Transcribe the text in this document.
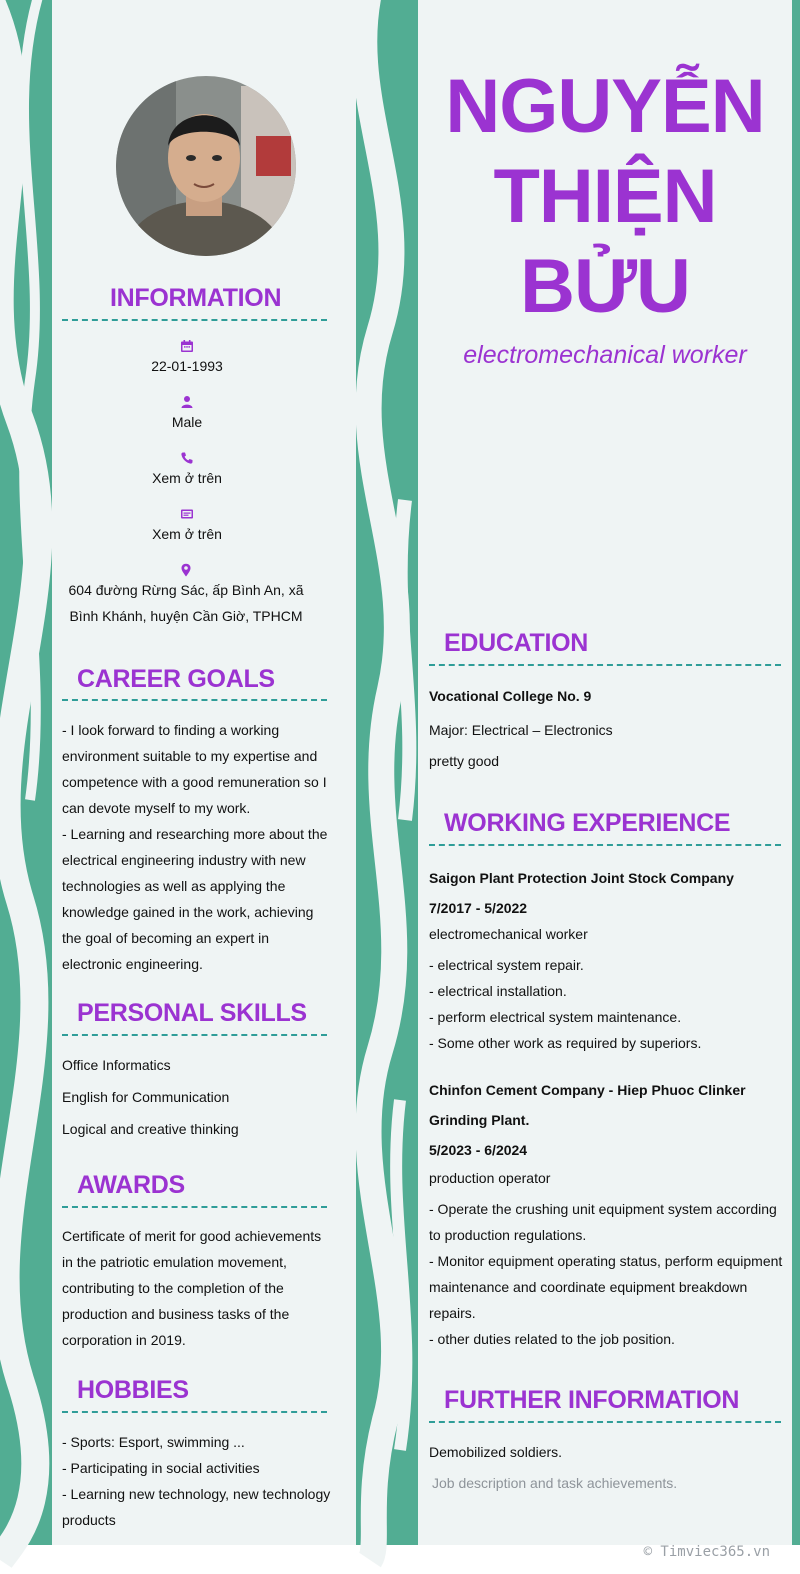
INFORMATION
22-01-1993
Male
Xem ở trên
Xem ở trên
604 đường Rừng Sác, ấp Bình An, xã Bình Khánh, huyện Cần Giờ, TPHCM
CAREER GOALS

- I look forward to finding a working environment suitable to my expertise and competence with a good remuneration so I can devote myself to my work.
- Learning and researching more about the electrical engineering industry with new technologies as well as applying the knowledge gained in the work, achieving the goal of becoming an expert in electronic engineering.

PERSONAL SKILLS
Office Informatics
English for Communication
Logical and creative thinking
AWARDS

Certificate of merit for good achievements in the patriotic emulation movement, contributing to the completion of the production and business tasks of the corporation in 2019.

HOBBIES

- Sports: Esport, swimming ...
- Participating in social activities
- Learning new technology, new technology products

NGUYỄN
THIỆN
BỬU
electromechanical worker
EDUCATION
Vocational College No. 9
Major: Electrical – Electronics
pretty good
WORKING EXPERIENCE
Saigon Plant Protection Joint Stock Company
7/2017 - 5/2022
electromechanical worker

- electrical system repair.
- electrical installation.
- perform electrical system maintenance.
- Some other work as required by superiors.

Chinfon Cement Company - Hiep Phuoc Clinker Grinding Plant.
5/2023 - 6/2024
production operator

- Operate the crushing unit equipment system according to production regulations.
- Monitor equipment operating status, perform equipment maintenance and coordinate equipment breakdown repairs.
- other duties related to the job position.

FURTHER INFORMATION
Demobilized soldiers.
Job description and task achievements.
© Timviec365.vn
